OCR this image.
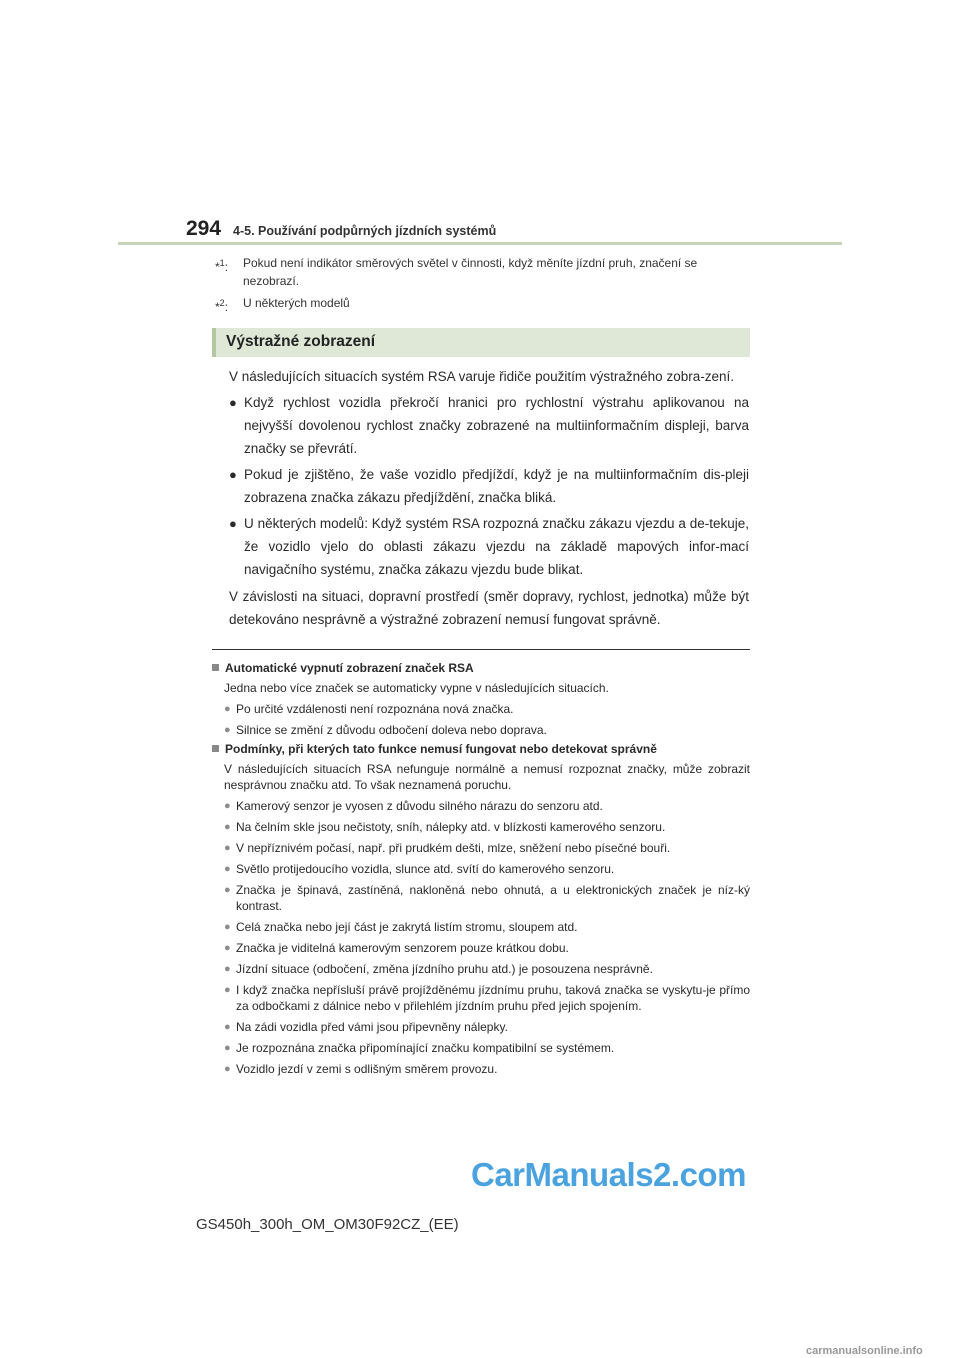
294 4-5. Používání podpůrných jízdních systémů
*$^1$: Pokud není indikátor směrových světel v činnosti, když měníte jízdní pruh, značení se nezobrazí.
*$^2$: U některých modelů
Výstražné zobrazení

V následujících situacích systém RSA varuje řidiče použitím výstražného zobra-zení.

● Když rychlost vozidla překročí hranici pro rychlostní výstrahu aplikovanou na nejvyšší dovolenou rychlost značky zobrazené na multiinformačním displeji, barva značky se převrátí.
● Pokud je zjištěno, že vaše vozidlo předjíždí, když je na multiinformačním dis-pleji zobrazena značka zákazu předjíždění, značka bliká.
● U některých modelů: Když systém RSA rozpozná značku zákazu vjezdu a de-tekuje, že vozidlo vjelo do oblasti zákazu vjezdu na základě mapových infor-mací navigačního systému, značka zákazu vjezdu bude blikat.

V závislosti na situaci, dopravní prostředí (směr dopravy, rychlost, jednotka) může být detekováno nesprávně a výstražné zobrazení nemusí fungovat správně.

Automatické vypnutí zobrazení značek RSA
Jedna nebo více značek se automaticky vypne v následujících situacích.
● Po určité vzdálenosti není rozpoznána nová značka.
● Silnice se změní z důvodu odbočení doleva nebo doprava.
Podmínky, při kterých tato funkce nemusí fungovat nebo detekovat správně
V následujících situacích RSA nefunguje normálně a nemusí rozpoznat značky, může zobrazit nesprávnou značku atd. To však neznamená poruchu.
● Kamerový senzor je vyosen z důvodu silného nárazu do senzoru atd.
● Na čelním skle jsou nečistoty, sníh, nálepky atd. v blízkosti kamerového senzoru.
● V nepříznivém počasí, např. při prudkém dešti, mlze, sněžení nebo písečné bouři.
● Světlo protijedoucího vozidla, slunce atd. svítí do kamerového senzoru.
● Značka je špinavá, zastíněná, nakloněná nebo ohnutá, a u elektronických značek je níz-ký kontrast.
● Celá značka nebo její část je zakrytá listím stromu, sloupem atd.
● Značka je viditelná kamerovým senzorem pouze krátkou dobu.
● Jízdní situace (odbočení, změna jízdního pruhu atd.) je posouzena nesprávně.
● I když značka nepřísluší právě projížděnému jízdnímu pruhu, taková značka se vyskytu-je přímo za odbočkami z dálnice nebo v přilehlém jízdním pruhu před jejich spojením.
● Na zádi vozidla před vámi jsou připevněny nálepky.
● Je rozpoznána značka připomínající značku kompatibilní se systémem.
● Vozidlo jezdí v zemi s odlišným směrem provozu.
CarManuals2.com
GS450h_300h_OM_OM30F92CZ_(EE)
carmanualsonline.info
